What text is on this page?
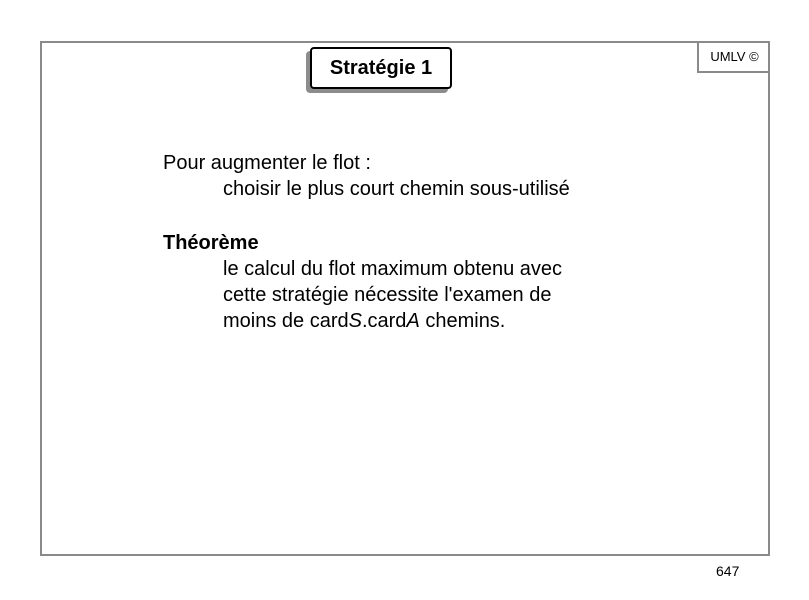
Stratégie 1
UMLV ©
Pour augmenter le flot :
choisir le plus court chemin sous-utilisé
Théorème
le calcul du flot maximum obtenu avec
cette stratégie nécessite l'examen de
moins de cardS.cardA chemins.
647
